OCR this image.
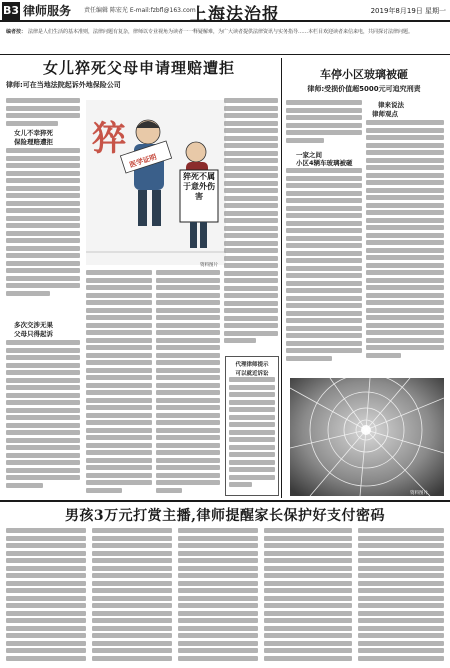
B3 律师服务 责任编辑 陈宏光 E-mail:fzbfl@163.com
上海法治报	2019年8月19日 星期一
编者按： 法律是人们生活的基本准则，法律问题有复杂，律师以专业视角为读者一一释疑解难，为广大读者提供法律资讯与实务指导……本栏目欢迎读者来信来电，共同探讨法律问题。
女儿猝死父母申请理赔遭拒
律师:可在当地法院起诉外地保险公司
女儿不幸猝死
保险理赔遭拒
多次交涉无果
父母只得起诉
猝
医学证明
猝死不属于意外伤害
资料图片
代理律师提示
可以就近诉讼
车停小区玻璃被砸
律师:受损价值超5000元可追究刑责
一家之间
小区4辆车玻璃被砸
律来说法
律师观点
资料图片
男孩3万元打赏主播,律师提醒家长保护好支付密码
